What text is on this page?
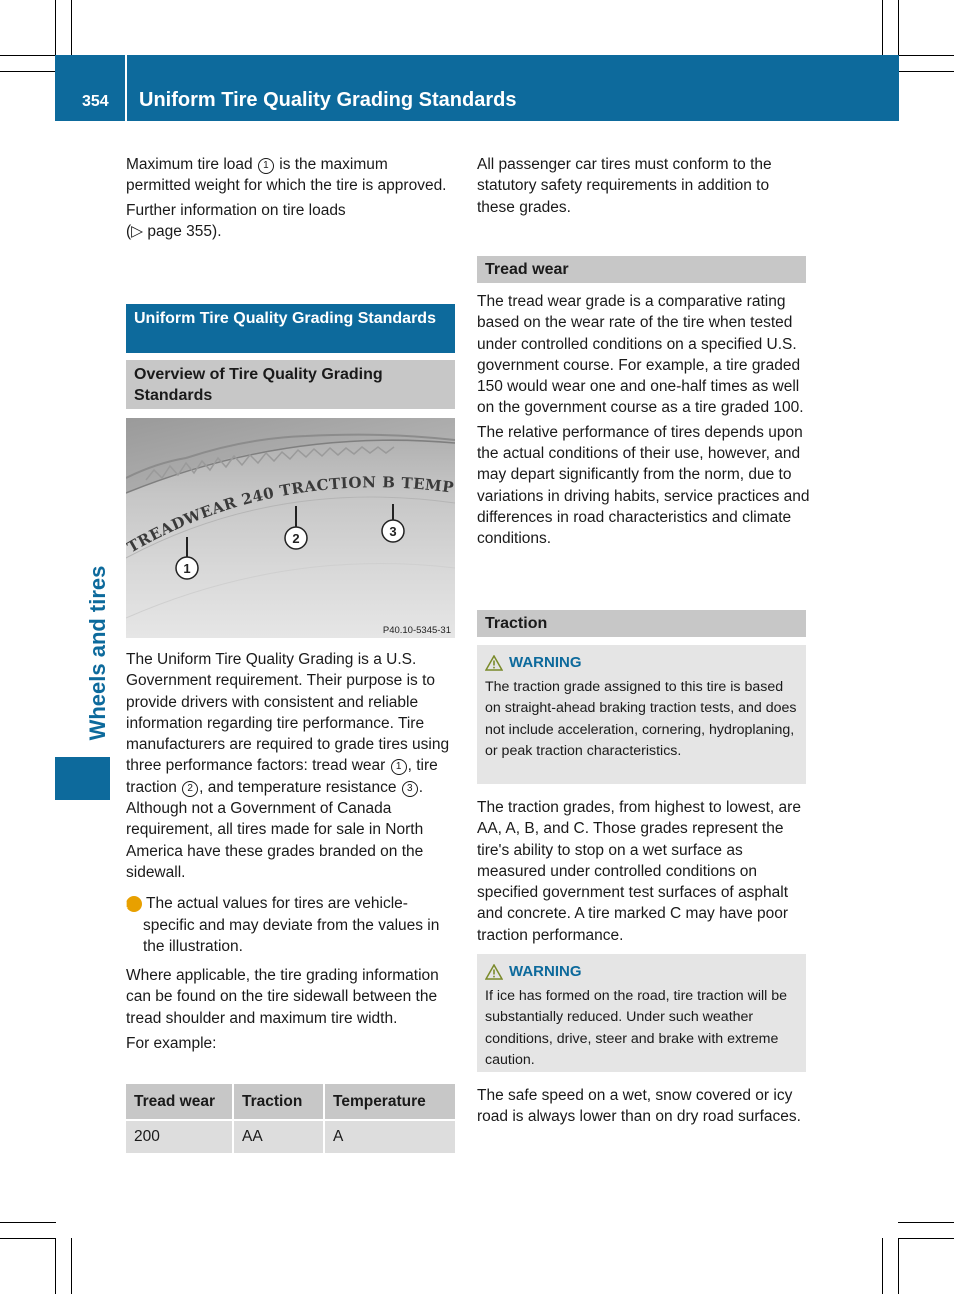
354 Uniform Tire Quality Grading Standards
Wheels and tires

Maximum tire load 1 is the maximum permitted weight for which the tire is approved.

Further information on tire loads
(▷ page 355).

Uniform Tire Quality Grading Standards
Overview of Tire Quality Grading Standards
READWEAR 240 TRACTION B TEMP
1
2	3
P40.10-5345-31

The Uniform Tire Quality Grading is a U.S. Government requirement. Their purpose is to provide drivers with consistent and reliable information regarding tire performance. Tire manufacturers are required to grade tires using three performance factors: tread wear 1 , tire traction 2 , and temperature resistance 3 . Although not a Government of Canada requirement, all tires made for sale in North America have these grades branded on the sidewall.

i The actual values for tires are vehicle-specific and may deviate from the values in the illustration.

Where applicable, the tire grading information can be found on the tire sidewall between the tread shoulder and maximum tire width.

For example:

Tread wear	Traction	Temperature
200	AA	A

All passenger car tires must conform to the statutory safety requirements in addition to these grades.

Tread wear

The tread wear grade is a comparative rating based on the wear rate of the tire when tested under controlled conditions on a specified U.S. government course. For example, a tire graded 150 would wear one and one-half times as well on the government course as a tire graded 100.

The relative performance of tires depends upon the actual conditions of their use, however, and may depart significantly from the norm, due to variations in driving habits, service practices and differences in road characteristics and climate conditions.

Traction
WARNING
The traction grade assigned to this tire is based on straight-ahead braking traction tests, and does not include acceleration, cornering, hydroplaning, or peak traction characteristics.

The traction grades, from highest to lowest, are AA, A, B, and C. Those grades represent the tire's ability to stop on a wet surface as measured under controlled conditions on specified government test surfaces of asphalt and concrete. A tire marked C may have poor traction performance.

WARNING
If ice has formed on the road, tire traction will be substantially reduced. Under such weather conditions, drive, steer and brake with extreme caution.

The safe speed on a wet, snow covered or icy road is always lower than on dry road surfaces.
